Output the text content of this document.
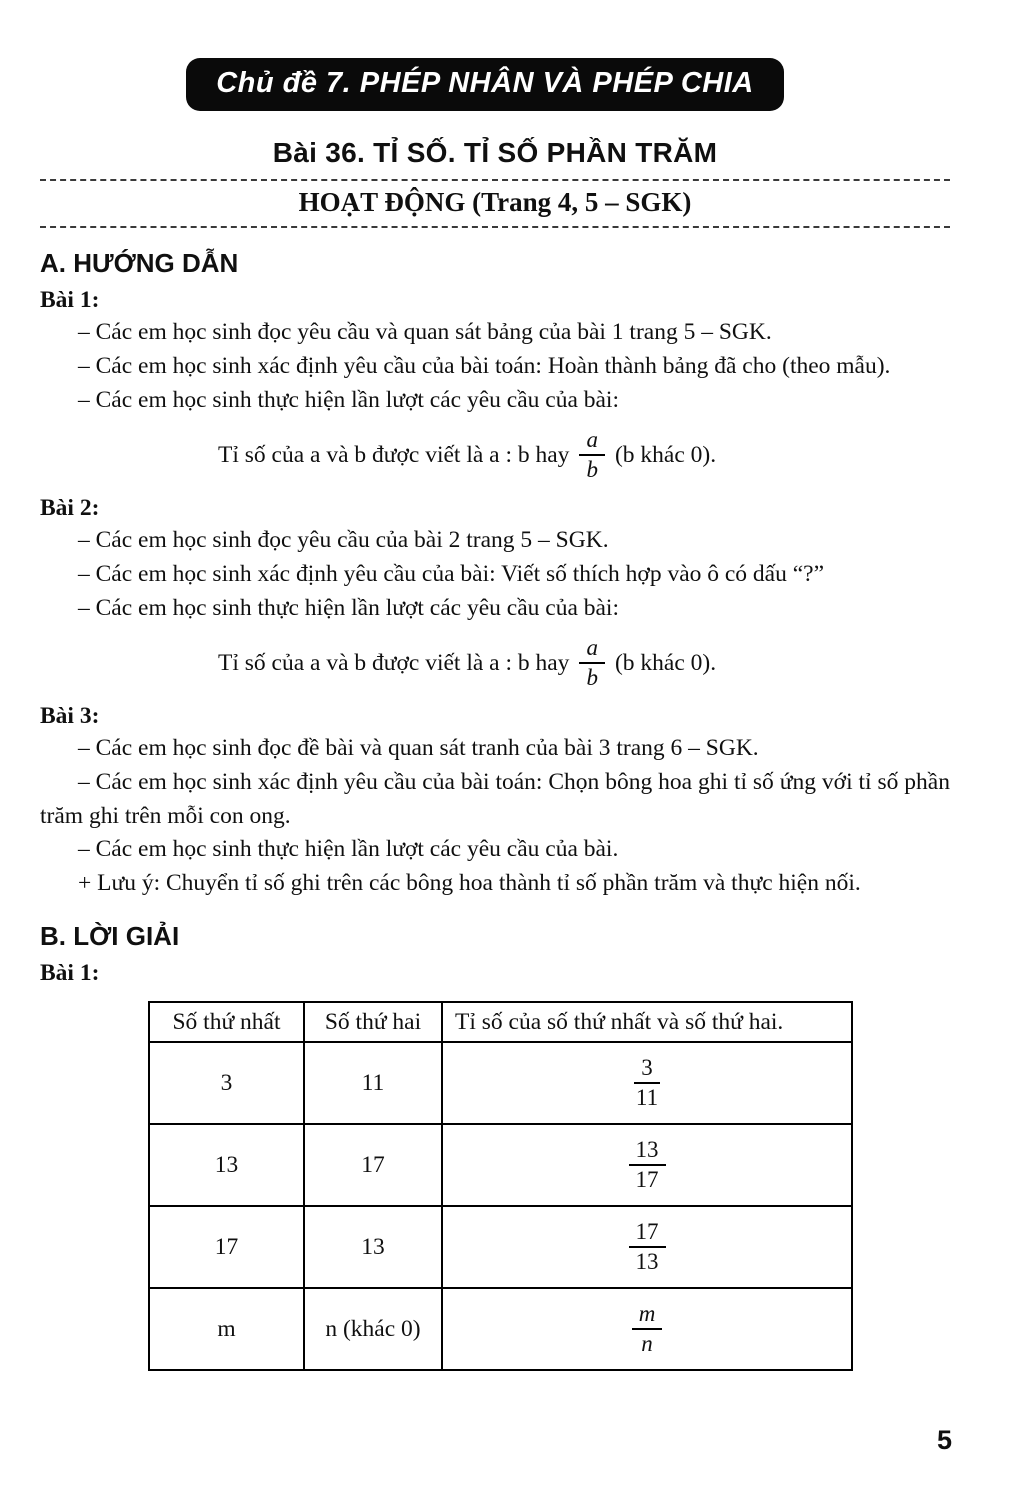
Chủ đề 7. PHÉP NHÂN VÀ PHÉP CHIA
Bài 36. TỈ SỐ. TỈ SỐ PHẦN TRĂM
HOẠT ĐỘNG (Trang 4, 5 – SGK)
A. HƯỚNG DẪN

Bài 1:

– Các em học sinh đọc yêu cầu và quan sát bảng của bài 1 trang 5 – SGK.

– Các em học sinh xác định yêu cầu của bài toán: Hoàn thành bảng đã cho (theo mẫu).

– Các em học sinh thực hiện lần lượt các yêu cầu của bài:

Tỉ số của a và b được viết là a : b hay $\frac{a}{b} (b$ khác 0).

Bài 2:

– Các em học sinh đọc yêu cầu của bài 2 trang 5 – SGK.

– Các em học sinh xác định yêu cầu của bài: Viết số thích hợp vào ô có dấu “?”

– Các em học sinh thực hiện lần lượt các yêu cầu của bài:

Tỉ số của a và b được viết là a : b hay $\frac{a}{b} (b$ khác 0).

Bài 3:

– Các em học sinh đọc đề bài và quan sát tranh của bài 3 trang 6 – SGK.

– Các em học sinh xác định yêu cầu của bài toán: Chọn bông hoa ghi tỉ số ứng với tỉ số phần trăm ghi trên mỗi con ong.

– Các em học sinh thực hiện lần lượt các yêu cầu của bài.

+ Lưu ý: Chuyển tỉ số ghi trên các bông hoa thành tỉ số phần trăm và thực hiện nối.

B. LỜI GIẢI

Bài 1:

Số thứ nhất	Số thứ hai	Tỉ số của số thứ nhất và số thứ hai.
3	11	$\frac{3}{11}$

13	17	$\frac{13}{17}$

17	13	$\frac{17}{13}$

m	n (khác 0)	$\frac{m}{n}$
5
